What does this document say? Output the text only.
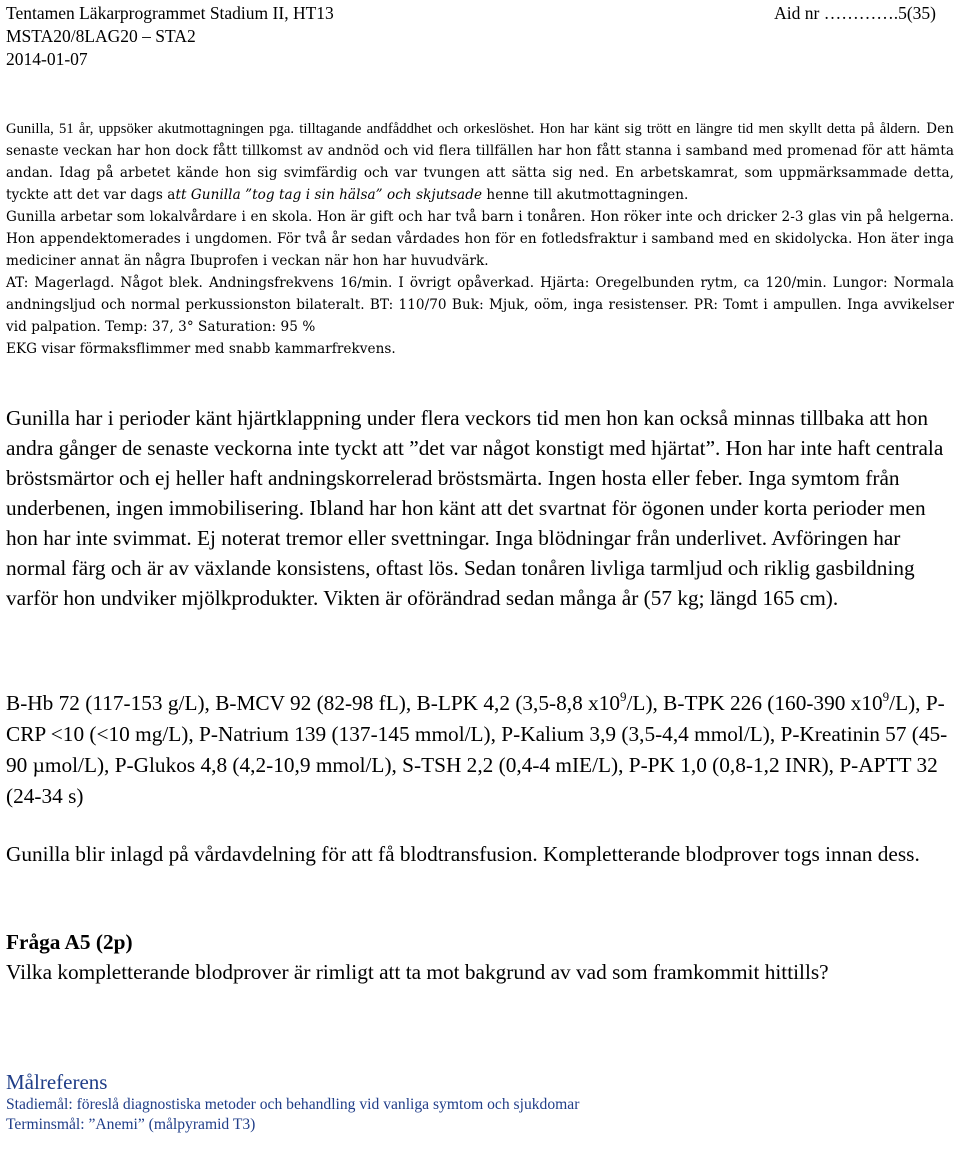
Tentamen Läkarprogrammet Stadium II, HT13	Aid nr ………….5(35)
MSTA20/8LAG20 – STA2
2014-01-07

Gunilla, 51 år, uppsöker akutmottagningen pga. tilltagande andfåddhet och orkeslöshet. Hon har känt sig trött en längre tid men skyllt detta på åldern. Den senaste veckan har hon dock fått tillkomst av andnöd och vid flera tillfällen har hon fått stanna i samband med promenad för att hämta andan. Idag på arbetet kände hon sig svimfärdig och var tvungen att sätta sig ned. En arbetskamrat, som uppmärksammade detta, tyckte att det var dags att Gunilla ”tog tag i sin hälsa” och skjutsade henne till akutmottagningen.

Gunilla arbetar som lokalvårdare i en skola. Hon är gift och har två barn i tonåren. Hon röker inte och dricker 2-3 glas vin på helgerna. Hon appendektomerades i ungdomen. För två år sedan vårdades hon för en fotledsfraktur i samband med en skidolycka. Hon äter inga mediciner annat än några Ibuprofen i veckan när hon har huvudvärk.

AT: Magerlagd. Något blek. Andningsfrekvens 16/min. I övrigt opåverkad. Hjärta: Oregelbunden rytm, ca 120/min. Lungor: Normala andningsljud och normal perkussionston bilateralt. BT: 110/70 Buk: Mjuk, oöm, inga resistenser. PR: Tomt i ampullen. Inga avvikelser vid palpation. Temp: 37, 3° Saturation: 95 %

EKG visar förmaksflimmer med snabb kammarfrekvens.

Gunilla har i perioder känt hjärtklappning under flera veckors tid men hon kan också minnas tillbaka att hon andra gånger de senaste veckorna inte tyckt att ”det var något konstigt med hjärtat”. Hon har inte haft centrala bröstsmärtor och ej heller haft andningskorrelerad bröstsmärta. Ingen hosta eller feber. Inga symtom från underbenen, ingen immobilisering. Ibland har hon känt att det svartnat för ögonen under korta perioder men hon har inte svimmat. Ej noterat tremor eller svettningar. Inga blödningar från underlivet. Avföringen har normal färg och är av växlande konsistens, oftast lös. Sedan tonåren livliga tarmljud och riklig gasbildning varför hon undviker mjölkprodukter. Vikten är oförändrad sedan många år (57 kg; längd 165 cm).

B-Hb 72 (117-153 g/L), B-MCV 92 (82-98 fL), B-LPK 4,2 (3,5-8,8 $x10^9/L$), B-TPK 226 (160-390 $x10^9/L$), P-CRP <10 (<10 mg/L), P-Natrium 139 (137-145 mmol/L), P-Kalium 3,9 (3,5-4,4 mmol/L), P-Kreatinin 57 (45-90 µmol/L), P-Glukos 4,8 (4,2-10,9 mmol/L), S-TSH 2,2 (0,4-4 mIE/L), P-PK 1,0 (0,8-1,2 INR), P-APTT 32 (24-34 s)

Gunilla blir inlagd på vårdavdelning för att få blodtransfusion. Kompletterande blodprover togs innan dess.

Fråga A5 (2p)

Vilka kompletterande blodprover är rimligt att ta mot bakgrund av vad som framkommit hittills?

Målreferens
Stadiemål: föreslå diagnostiska metoder och behandling vid vanliga symtom och sjukdomar
Terminsmål: ”Anemi” (målpyramid T3)
